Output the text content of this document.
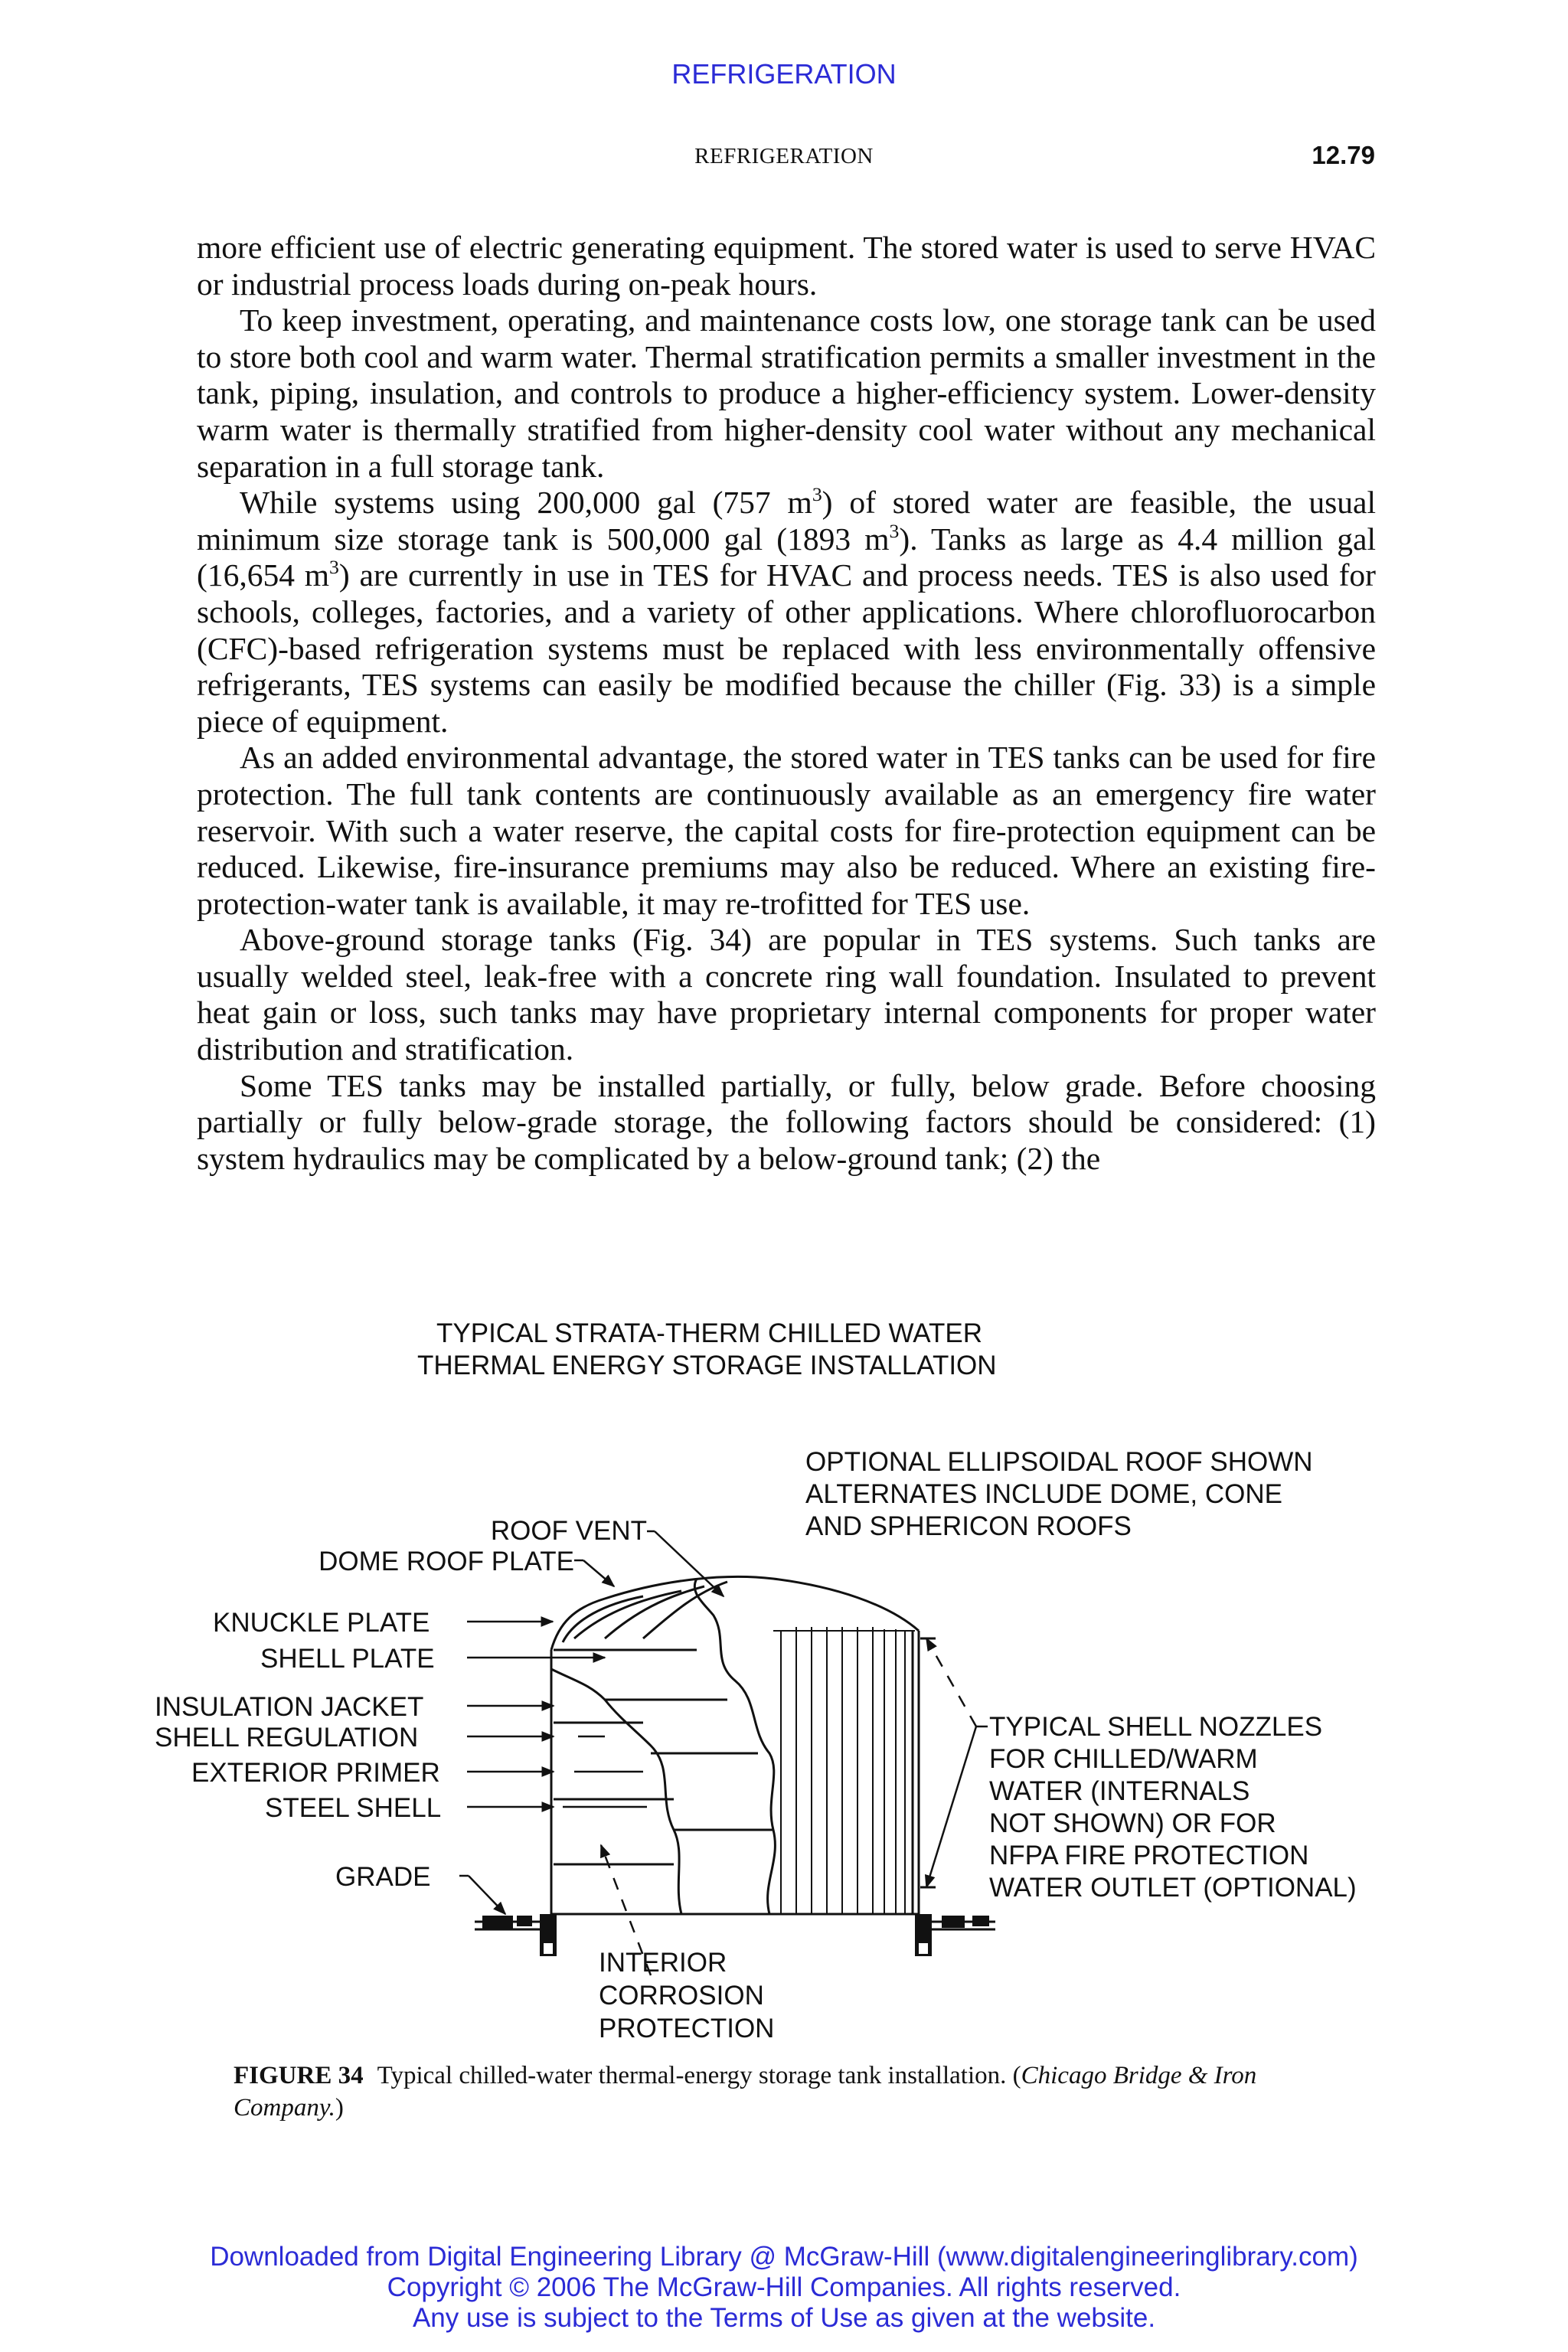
REFRIGERATION
REFRIGERATION	12.79

more efficient use of electric generating equipment. The stored water is used to serve HVAC or industrial process loads during on-peak hours.

To keep investment, operating, and maintenance costs low, one storage tank can be used to store both cool and warm water. Thermal stratification permits a smaller investment in the tank, piping, insulation, and controls to produce a higher-efficiency system. Lower-density warm water is thermally stratified from higher-density cool water without any mechanical separation in a full storage tank.

While systems using 200,000 gal (757 $m^3$) of stored water are feasible, the usual minimum size storage tank is 500,000 gal (1893 $m^3$). Tanks as large as 4.4 million gal (16,654 $m^3$) are currently in use in TES for HVAC and process needs. TES is also used for schools, colleges, factories, and a variety of other applications. Where chlorofluorocarbon (CFC)-based refrigeration systems must be replaced with less environmentally offensive refrigerants, TES systems can easily be modified because the chiller (Fig. 33) is a simple piece of equipment.

As an added environmental advantage, the stored water in TES tanks can be used for fire protection. The full tank contents are continuously available as an emergency fire water reservoir. With such a water reserve, the capital costs for fire-protection equipment can be reduced. Likewise, fire-insurance premiums may also be reduced. Where an existing fire-protection-water tank is available, it may re-trofitted for TES use.

Above-ground storage tanks (Fig. 34) are popular in TES systems. Such tanks are usually welded steel, leak-free with a concrete ring wall foundation. Insulated to prevent heat gain or loss, such tanks may have proprietary internal components for proper water distribution and stratification.

Some TES tanks may be installed partially, or fully, below grade. Before choosing partially or fully below-grade storage, the following factors should be considered: (1) system hydraulics may be complicated by a below-ground tank; (2) the

TYPICAL STRATA-THERM CHILLED WATER
THERMAL ENERGY STORAGE INSTALLATION
ROOF VENT
DOME ROOF PLATE
KNUCKLE PLATE
SHELL PLATE
INSULATION JACKET
SHELL REGULATION
EXTERIOR PRIMER
STEEL SHELL
GRADE
INTERIOR
CORROSION
PROTECTION
OPTIONAL ELLIPSOIDAL ROOF SHOWN
ALTERNATES INCLUDE DOME, CONE
AND SPHERICON ROOFS
TYPICAL SHELL NOZZLES
FOR CHILLED/WARM
WATER (INTERNALS
NOT SHOWN) OR FOR
NFPA FIRE PROTECTION
WATER OUTLET (OPTIONAL)
FIGURE 34 Typical chilled-water thermal-energy storage tank installation. (Chicago Bridge & Iron Company.)
Downloaded from Digital Engineering Library @ McGraw-Hill (www.digitalengineeringlibrary.com)
Copyright © 2006 The McGraw-Hill Companies. All rights reserved.
Any use is subject to the Terms of Use as given at the website.
